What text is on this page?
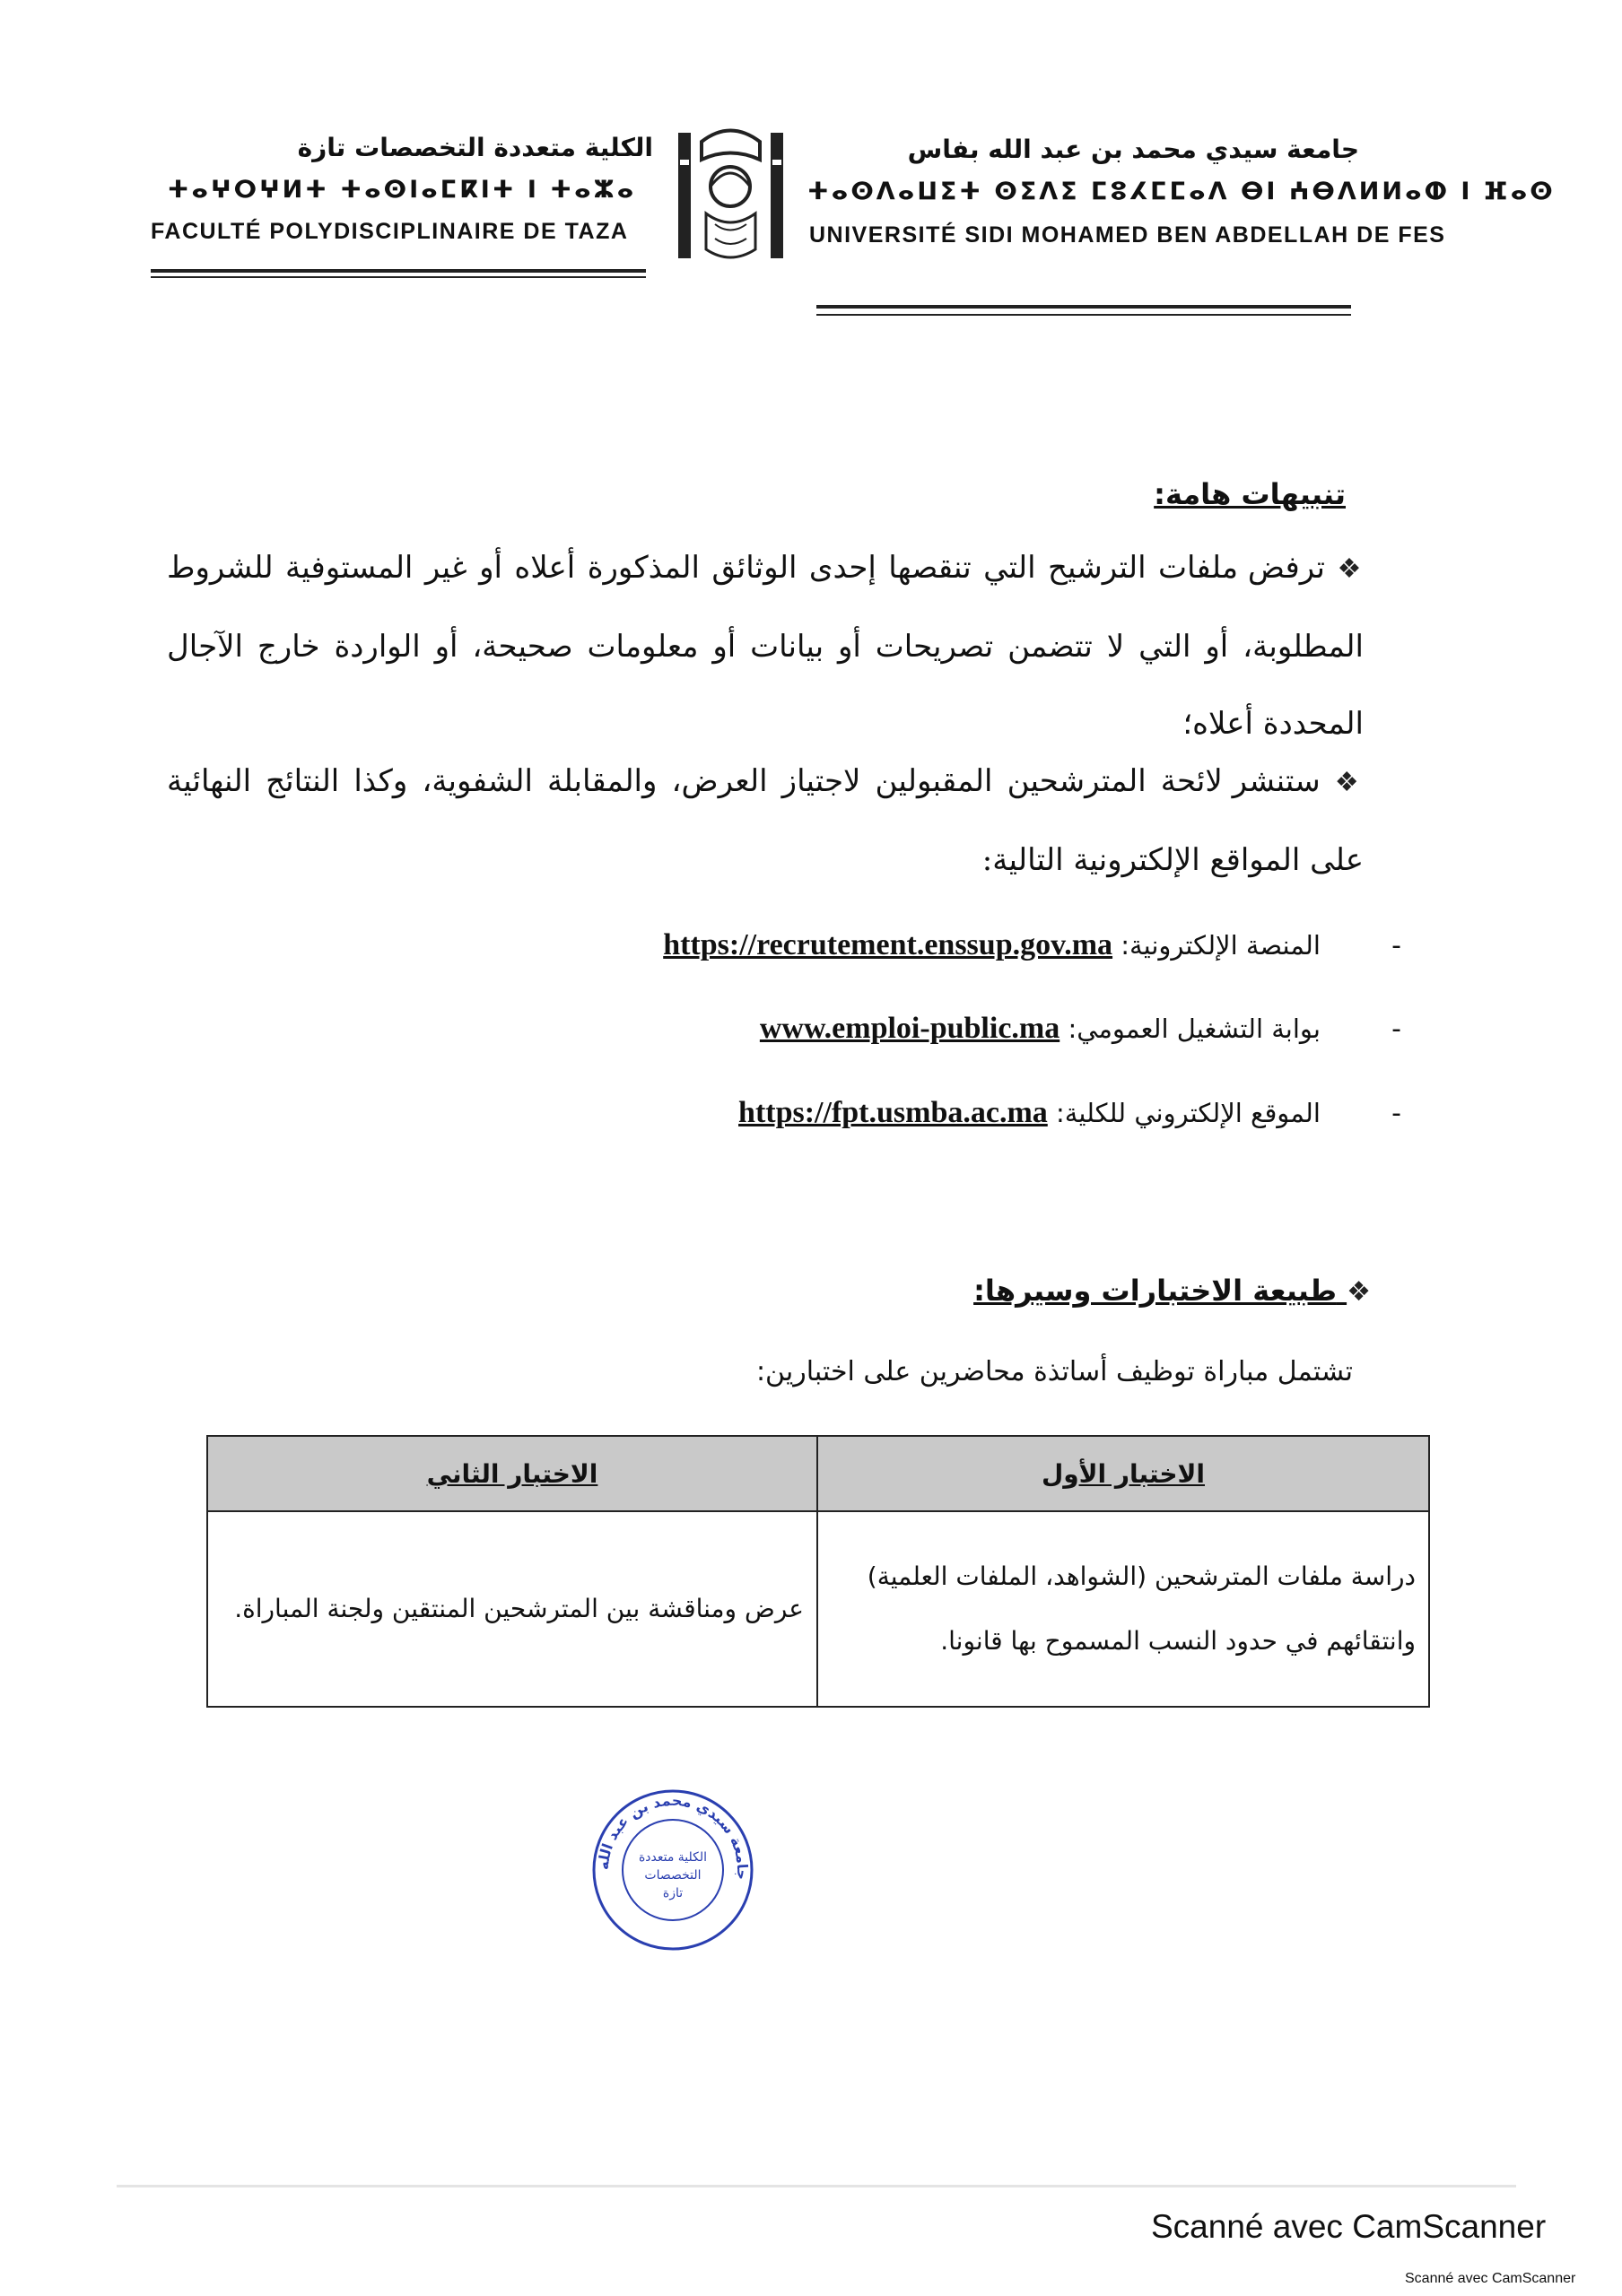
الكلية متعددة التخصصات تازة
ⵜⴰⵖⵔⵖⵍⵜ ⵜⴰⵙⵏⴰⵎⴽⵏⵜ ⵏ ⵜⴰⵣⴰ
FACULTÉ POLYDISCIPLINAIRE DE TAZA
جامعة سيدي محمد بن عبد الله بفاس
ⵜⴰⵙⴷⴰⵡⵉⵜ ⵙⵉⴷⵉ ⵎⵓⵃⵎⵎⴰⴷ ⴱⵏ ⵄⴱⴷⵍⵍⴰⵀ ⵏ ⴼⴰⵙ
UNIVERSITÉ SIDI MOHAMED BEN ABDELLAH DE FES
تنبيهات هامة:
❖ ترفض ملفات الترشيح التي تنقصها إحدى الوثائق المذكورة أعلاه أو غير المستوفية للشروط المطلوبة، أو التي لا تتضمن تصريحات أو بيانات أو معلومات صحيحة، أو الواردة خارج الآجال المحددة أعلاه؛
❖ ستنشر لائحة المترشحين المقبولين لاجتياز العرض، والمقابلة الشفوية، وكذا النتائج النهائية على المواقع الإلكترونية التالية:
- المنصة الإلكترونية: https://recrutement.enssup.gov.ma
- بوابة التشغيل العمومي: www.emploi-public.ma
- الموقع الإلكتروني للكلية: https://fpt.usmba.ac.ma
❖ طبيعة الاختبارات وسيرها:
تشتمل مباراة توظيف أساتذة محاضرين على اختبارين:
الاختبار الأول	الاختبار الثاني

دراسة ملفات المترشحين (الشواهد، الملفات العلمية)
وانتقائهم في حدود النسب المسموح بها قانونا.	عرض ومناقشة بين المترشحين المنتقين ولجنة المباراة.
جامعة سيدي محمد بن عبد الله
الكلية متعددة
التخصصات
تازة
Scanné avec CamScanner
Scanné avec CamScanner
